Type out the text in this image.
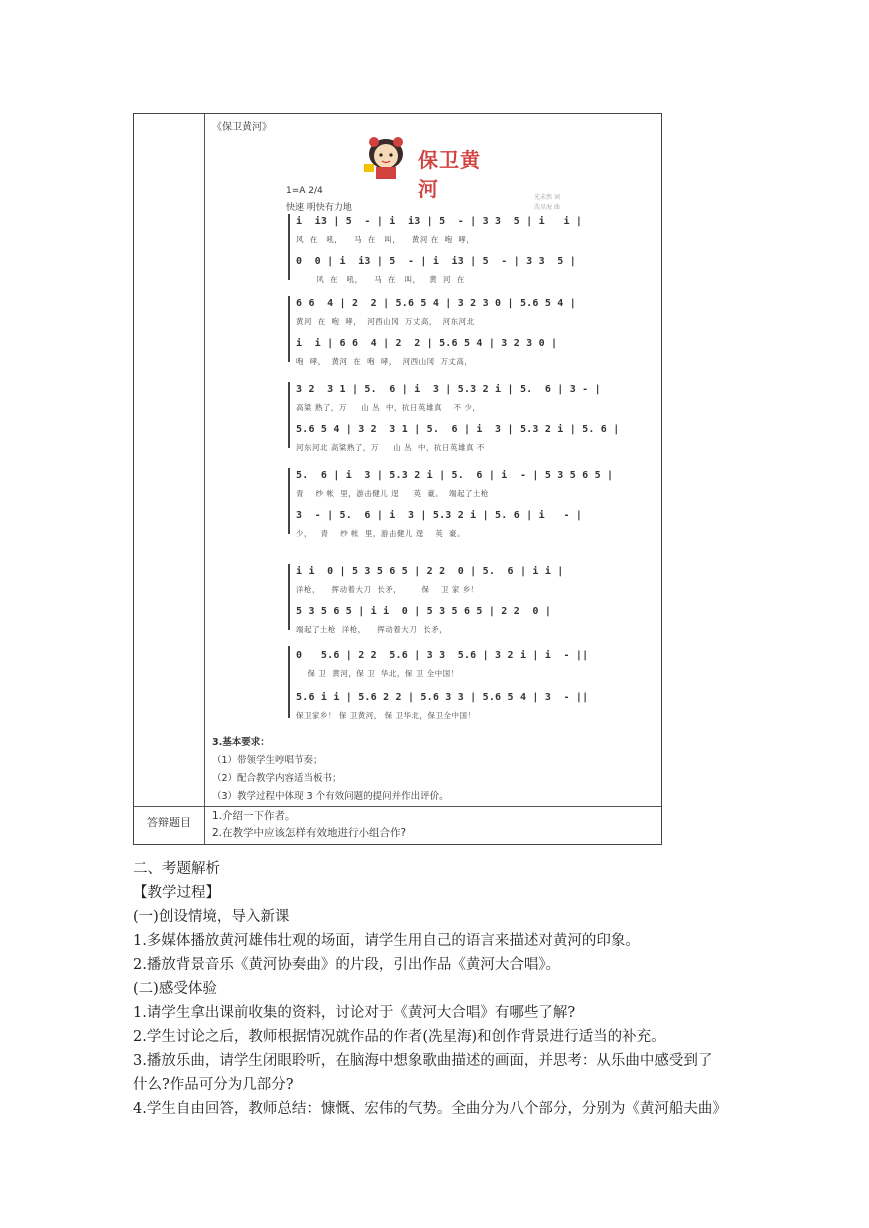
《保卫黄河》
保卫黄河
1=A 2/4
快速 明快有力地
光未然 词
冼星海 曲
i  i3 | 5  - | i  i3 | 5  - | 3 3  5 | i   i |
风  在   吼，    马  在   叫，    黄河 在  咆  哮，
0  0 | i  i3 | 5  - | i  i3 | 5  - | 3 3  5 |
风  在   吼，    马  在   叫，   黄  河  在
6 6  4 | 2  2 | 5.6 5 4 | 3 2 3 0 | 5.6 5 4 |
黄河  在  咆  哮，  河西山冈  万丈高，  河东河北
i  i | 6 6  4 | 2  2 | 5.6 5 4 | 3 2 3 0 |
咆  哮，  黄河  在  咆  哮，  河西山冈  万丈高，
3 2  3 1 | 5.  6 | i  3 | 5.3 2 i | 5.  6 | 3 - |
高粱 熟了，万     山 丛  中，抗日英雄真    不 少，
5.6 5 4 | 3 2  3 1 | 5.  6 | i  3 | 5.3 2 i | 5. 6 |
河东河北 高粱熟了，万     山 丛  中，抗日英雄真 不
5.  6 | i  3 | 5.3 2 i | 5.  6 | i  - | 5 3 5 6 5 |
青    纱 帐  里，游击健儿 逞     英  豪。  端起了土枪
3  - | 5.  6 | i  3 | 5.3 2 i | 5. 6 | i   - |
少，   青    纱 帐  里，游击健儿 逞    英  豪。
i i  0 | 5 3 5 6 5 | 2 2  0 | 5.  6 | i i |
洋枪，    挥动着大刀  长矛，       保    卫 家 乡！
5 3 5 6 5 | i i  0 | 5 3 5 6 5 | 2 2  0 |
端起了土枪  洋枪，    挥动着大刀  长矛，
0   5.6 | 2 2  5.6 | 3 3  5.6 | 3 2 i | i  - ||
保 卫  黄河，保 卫  华北，保 卫 全中国！
5.6 i i | 5.6 2 2 | 5.6 3 3 | 5.6 5 4 | 3  - ||
保卫家乡！ 保 卫黄河， 保 卫华北，保卫全中国！
3.基本要求：
（1）带领学生哼唱节奏；
（2）配合教学内容适当板书；
（3）教学过程中体现 3 个有效问题的提问并作出评价。
答辩题目	1.介绍一下作者。
2.在教学中应该怎样有效地进行小组合作?
二、考题解析
【教学过程】
(一)创设情境，导入新课
1.多媒体播放黄河雄伟壮观的场面，请学生用自己的语言来描述对黄河的印象。
2.播放背景音乐《黄河协奏曲》的片段，引出作品《黄河大合唱》。
(二)感受体验
1.请学生拿出课前收集的资料，讨论对于《黄河大合唱》有哪些了解?
2.学生讨论之后，教师根据情况就作品的作者(冼星海)和创作背景进行适当的补充。
3.播放乐曲，请学生闭眼聆听，在脑海中想象歌曲描述的画面，并思考：从乐曲中感受到了
什么?作品可分为几部分?
4.学生自由回答，教师总结：慷慨、宏伟的气势。全曲分为八个部分，分别为《黄河船夫曲》
